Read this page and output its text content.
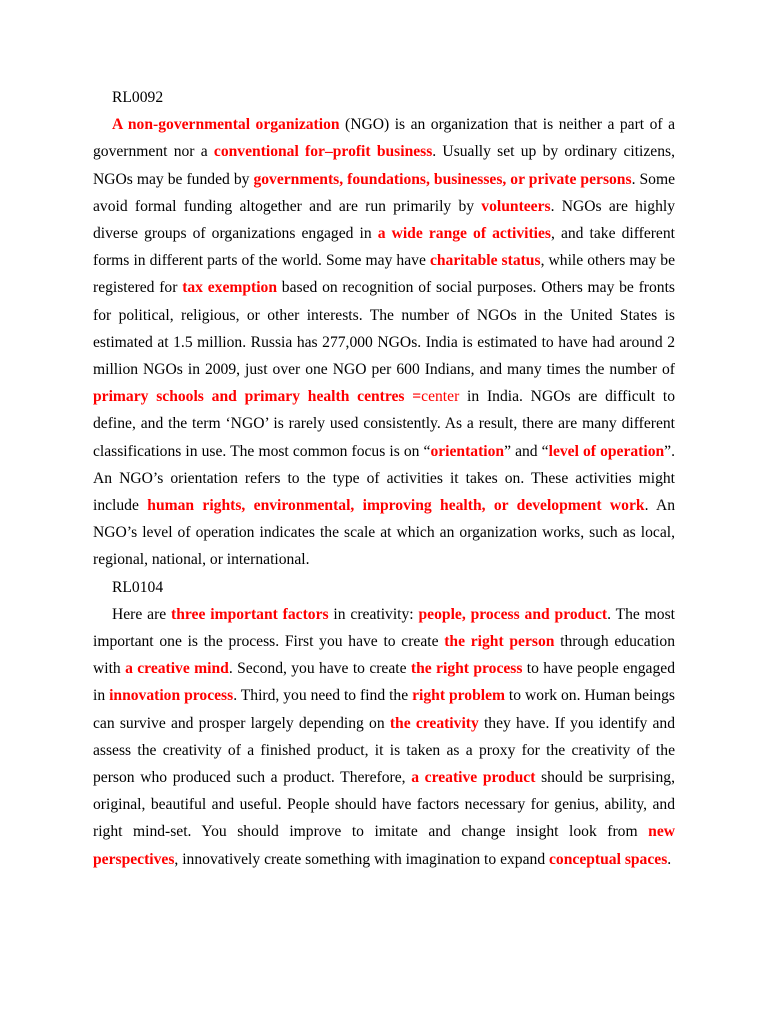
RL0092

A non-governmental organization (NGO) is an organization that is neither a part of a government nor a conventional for–profit business. Usually set up by ordinary citizens, NGOs may be funded by governments, foundations, businesses, or private persons. Some avoid formal funding altogether and are run primarily by volunteers. NGOs are highly diverse groups of organizations engaged in a wide range of activities, and take different forms in different parts of the world. Some may have charitable status, while others may be registered for tax exemption based on recognition of social purposes. Others may be fronts for political, religious, or other interests. The number of NGOs in the United States is estimated at 1.5 million. Russia has 277,000 NGOs. India is estimated to have had around 2 million NGOs in 2009, just over one NGO per 600 Indians, and many times the number of primary schools and primary health centres =center in India. NGOs are difficult to define, and the term ‘NGO’ is rarely used consistently. As a result, there are many different classifications in use. The most common focus is on “orientation” and “level of operation”. An NGO’s orientation refers to the type of activities it takes on. These activities might include human rights, environmental, improving health, or development work. An NGO’s level of operation indicates the scale at which an organization works, such as local, regional, national, or international.

RL0104

Here are three important factors in creativity: people, process and product. The most important one is the process. First you have to create the right person through education with a creative mind. Second, you have to create the right process to have people engaged in innovation process. Third, you need to find the right problem to work on. Human beings can survive and prosper largely depending on the creativity they have. If you identify and assess the creativity of a finished product, it is taken as a proxy for the creativity of the person who produced such a product. Therefore, a creative product should be surprising, original, beautiful and useful. People should have factors necessary for genius, ability, and right mind-set. You should improve to imitate and change insight look from new perspectives, innovatively create something with imagination to expand conceptual spaces.
